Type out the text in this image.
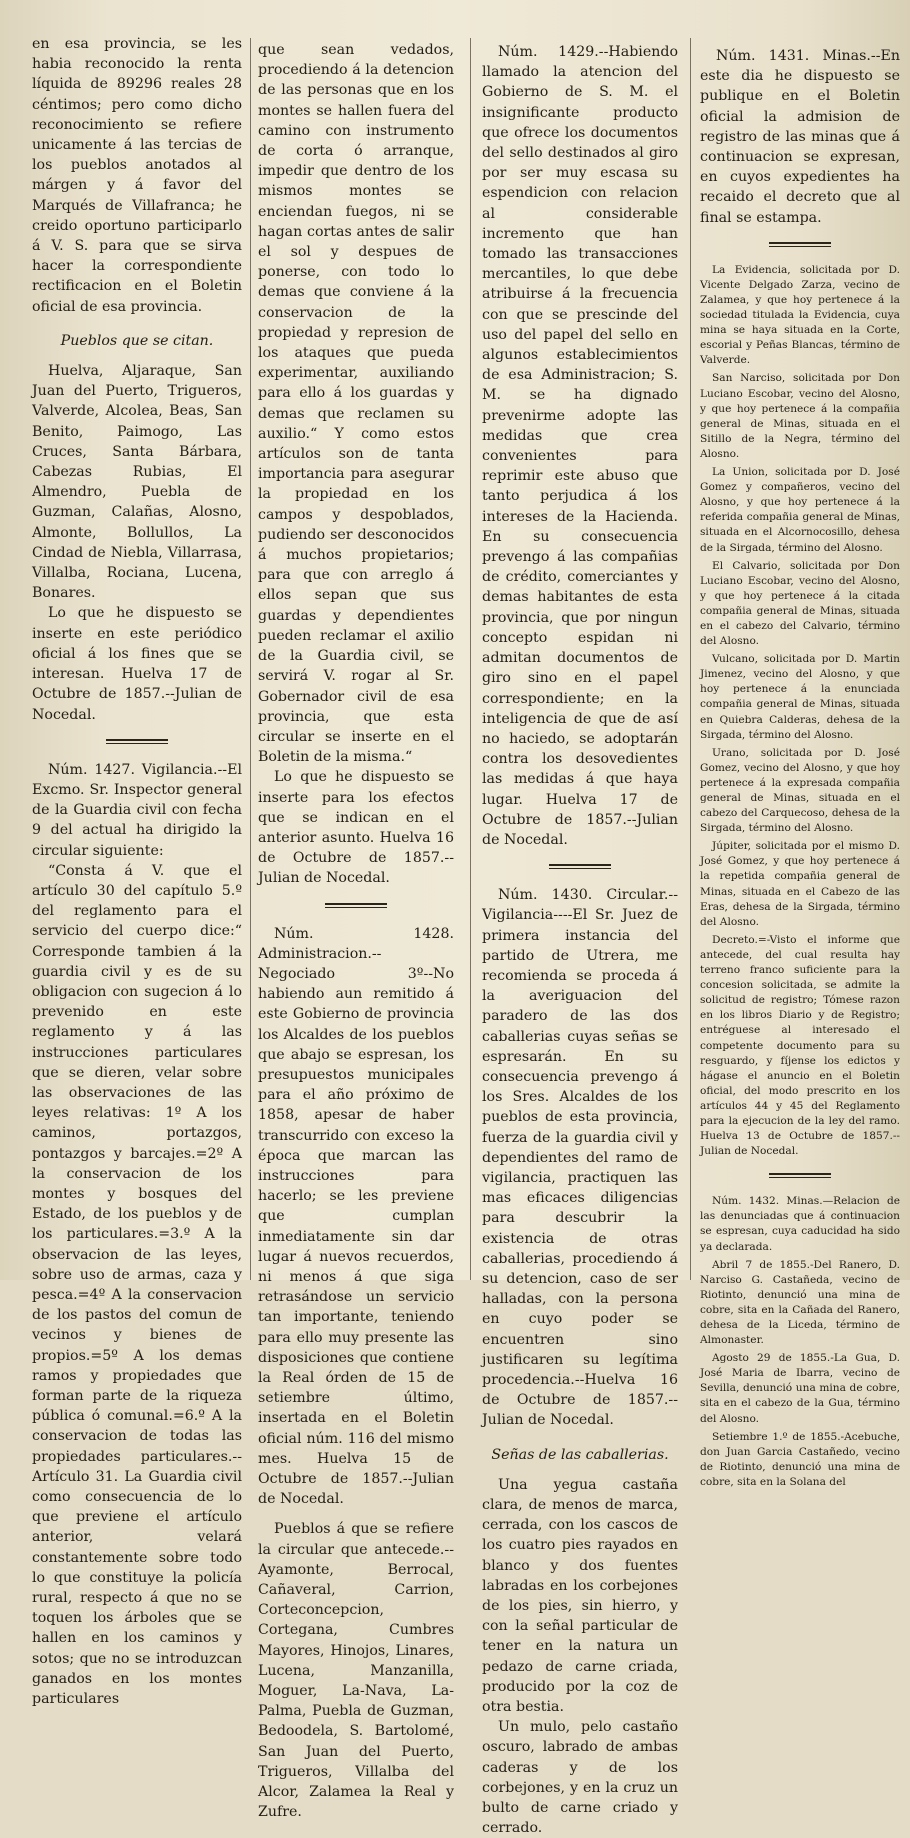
en esa provincia, se les habia reconocido la renta líquida de 89296 reales 28 céntimos; pero como dicho reconocimiento se refiere unicamente á las tercias de los pueblos anotados al márgen y á favor del Marqués de Villafranca; he creido oportuno participarlo á V. S. para que se sirva hacer la correspondiente rectificacion en el Boletin oficial de esa provincia.

Pueblos que se citan.

Huelva, Aljaraque, San Juan del Puerto, Trigueros, Valverde, Alcolea, Beas, San Benito, Paimogo, Las Cruces, Santa Bárbara, Cabezas Rubias, El Almendro, Puebla de Guzman, Calañas, Alosno, Almonte, Bollullos, La Cindad de Niebla, Villarrasa, Villalba, Rociana, Lucena, Bonares.

Lo que he dispuesto se inserte en este periódico oficial á los fines que se interesan. Huelva 17 de Octubre de 1857.--Julian de Nocedal.

Núm. 1427. Vigilancia.--El Excmo. Sr. Inspector general de la Guardia civil con fecha 9 del actual ha dirigido la circular siguiente:

“Consta á V. que el artículo 30 del capítulo 5.º del reglamento para el servicio del cuerpo dice:“ Corresponde tambien á la guardia civil y es de su obligacion con sugecion á lo prevenido en este reglamento y á las instrucciones particulares que se dieren, velar sobre las observaciones de las leyes relativas: 1º A los caminos, portazgos, pontazgos y barcajes.=2º A la conservacion de los montes y bosques del Estado, de los pueblos y de los particulares.=3.º A la observacion de las leyes, sobre uso de armas, caza y pesca.=4º A la conservacion de los pastos del comun de vecinos y bienes de propios.=5º A los demas ramos y propiedades que forman parte de la riqueza pública ó comunal.=6.º A la conservacion de todas las propiedades particulares.--Artículo 31. La Guardia civil como consecuencia de lo que previene el artículo anterior, velará constantemente sobre todo lo que constituye la policía rural, respecto á que no se toquen los árboles que se hallen en los caminos y sotos; que no se introduzcan ganados en los montes particulares

que sean vedados, procediendo á la detencion de las personas que en los montes se hallen fuera del camino con instrumento de corta ó arranque, impedir que dentro de los mismos montes se enciendan fuegos, ni se hagan cortas antes de salir el sol y despues de ponerse, con todo lo demas que conviene á la conservacion de la propiedad y represion de los ataques que pueda experimentar, auxiliando para ello á los guardas y demas que reclamen su auxilio.“ Y como estos artículos son de tanta importancia para asegurar la propiedad en los campos y despoblados, pudiendo ser desconocidos á muchos propietarios; para que con arreglo á ellos sepan que sus guardas y dependientes pueden reclamar el axilio de la Guardia civil, se servirá V. rogar al Sr. Gobernador civil de esa provincia, que esta circular se inserte en el Boletin de la misma.“

Lo que he dispuesto se inserte para los efectos que se indican en el anterior asunto. Huelva 16 de Octubre de 1857.--Julian de Nocedal.

Núm. 1428. Administracion.--Negociado 3º--No habiendo aun remitido á este Gobierno de provincia los Alcaldes de los pueblos que abajo se espresan, los presupuestos municipales para el año próximo de 1858, apesar de haber transcurrido con exceso la época que marcan las instrucciones para hacerlo; se les previene que cumplan inmediatamente sin dar lugar á nuevos recuerdos, ni menos á que siga retrasándose un servicio tan importante, teniendo para ello muy presente las disposiciones que contiene la Real órden de 15 de setiembre último, insertada en el Boletin oficial núm. 116 del mismo mes. Huelva 15 de Octubre de 1857.--Julian de Nocedal.

Pueblos á que se refiere la circular que antecede.--Ayamonte, Berrocal, Cañaveral, Carrion, Corteconcepcion, Cortegana, Cumbres Mayores, Hinojos, Linares, Lucena, Manzanilla, Moguer, La-Nava, La-Palma, Puebla de Guzman, Bedoodela, S. Bartolomé, San Juan del Puerto, Trigueros, Villalba del Alcor, Zalamea la Real y Zufre.

Núm. 1429.--Habiendo llamado la atencion del Gobierno de S. M. el insignificante producto que ofrece los documentos del sello destinados al giro por ser muy escasa su espendicion con relacion al considerable incremento que han tomado las transacciones mercantiles, lo que debe atribuirse á la frecuencia con que se prescinde del uso del papel del sello en algunos establecimientos de esa Administracion; S. M. se ha dignado prevenirme adopte las medidas que crea convenientes para reprimir este abuso que tanto perjudica á los intereses de la Hacienda. En su consecuencia prevengo á las compañias de crédito, comerciantes y demas habitantes de esta provincia, que por ningun concepto espidan ni admitan documentos de giro sino en el papel correspondiente; en la inteligencia de que de así no haciedo, se adoptarán contra los desovedientes las medidas á que haya lugar. Huelva 17 de Octubre de 1857.--Julian de Nocedal.

Núm. 1430. Circular.--Vigilancia----El Sr. Juez de primera instancia del partido de Utrera, me recomienda se proceda á la averiguacion del paradero de las dos caballerias cuyas señas se espresarán. En su consecuencia prevengo á los Sres. Alcaldes de los pueblos de esta provincia, fuerza de la guardia civil y dependientes del ramo de vigilancia, practiquen las mas eficaces diligencias para descubrir la existencia de otras caballerias, procediendo á su detencion, caso de ser halladas, con la persona en cuyo poder se encuentren sino justificaren su legítima procedencia.--Huelva 16 de Octubre de 1857.--Julian de Nocedal.

Señas de las caballerias.

Una yegua castaña clara, de menos de marca, cerrada, con los cascos de los cuatro pies rayados en blanco y dos fuentes labradas en los corbejones de los pies, sin hierro, y con la señal particular de tener en la natura un pedazo de carne criada, producido por la coz de otra bestia.

Un mulo, pelo castaño oscuro, labrado de ambas caderas y de los corbejones, y en la cruz un bulto de carne criado y cerrado.

Núm. 1431. Minas.--En este dia he dispuesto se publique en el Boletin oficial la admision de registro de las minas que á continuacion se expresan, en cuyos expedientes ha recaido el decreto que al final se estampa.

La Evidencia, solicitada por D. Vicente Delgado Zarza, vecino de Zalamea, y que hoy pertenece á la sociedad titulada la Evidencia, cuya mina se haya situada en la Corte, escorial y Peñas Blancas, término de Valverde.

San Narciso, solicitada por Don Luciano Escobar, vecino del Alosno, y que hoy pertenece á la compañia general de Minas, situada en el Sitillo de la Negra, término del Alosno.

La Union, solicitada por D. José Gomez y compañeros, vecino del Alosno, y que hoy pertenece á la referida compañia general de Minas, situada en el Alcornocosillo, dehesa de la Sirgada, término del Alosno.

El Calvario, solicitada por Don Luciano Escobar, vecino del Alosno, y que hoy pertenece á la citada compañia general de Minas, situada en el cabezo del Calvario, término del Alosno.

Vulcano, solicitada por D. Martin Jimenez, vecino del Alosno, y que hoy pertenece á la enunciada compañia general de Minas, situada en Quiebra Calderas, dehesa de la Sirgada, término del Alosno.

Urano, solicitada por D. José Gomez, vecino del Alosno, y que hoy pertenece á la expresada compañia general de Minas, situada en el cabezo del Carquecoso, dehesa de la Sirgada, término del Alosno.

Júpiter, solicitada por el mismo D. José Gomez, y que hoy pertenece á la repetida compañia general de Minas, situada en el Cabezo de las Eras, dehesa de la Sirgada, término del Alosno.

Decreto.=-Visto el informe que antecede, del cual resulta hay terreno franco suficiente para la concesion solicitada, se admite la solicitud de registro; Tómese razon en los libros Diario y de Registro; entréguese al interesado el competente documento para su resguardo, y fíjense los edictos y hágase el anuncio en el Boletin oficial, del modo prescrito en los artículos 44 y 45 del Reglamento para la ejecucion de la ley del ramo. Huelva 13 de Octubre de 1857.--Julian de Nocedal.

Núm. 1432. Minas.—Relacion de las denunciadas que á continuacion se espresan, cuya caducidad ha sido ya declarada.

Abril 7 de 1855.-Del Ranero, D. Narciso G. Castañeda, vecino de Riotinto, denunció una mina de cobre, sita en la Cañada del Ranero, dehesa de la Liceda, término de Almonaster.

Agosto 29 de 1855.-La Gua, D. José Maria de Ibarra, vecino de Sevilla, denunció una mina de cobre, sita en el cabezo de la Gua, término del Alosno.

Setiembre 1.º de 1855.-Acebuche, don Juan Garcia Castañedo, vecino de Riotinto, denunció una mina de cobre, sita en la Solana del
